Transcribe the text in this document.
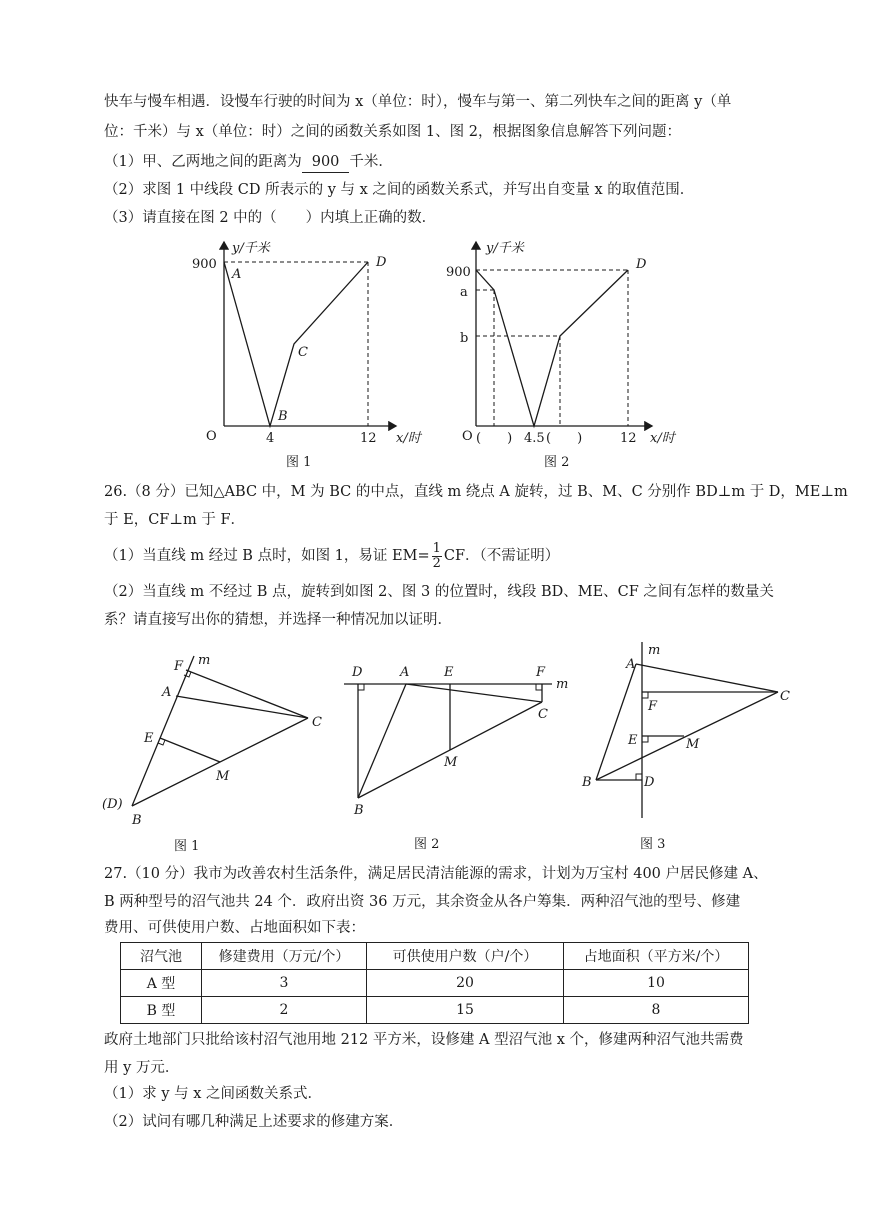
快车与慢车相遇．设慢车行驶的时间为 x（单位：时），慢车与第一、第二列快车之间的距离 y（单
位：千米）与 x（单位：时）之间的函数关系如图 1、图 2，根据图象信息解答下列问题：
（1）甲、乙两地之间的距离为 900 千米．
（2）求图 1 中线段 CD 所表示的 y 与 x 之间的函数关系式，并写出自变量 x 的取值范围．
（3）请直接在图 2 中的（　　）内填上正确的数．
y/千米
900
A
B
C
D
O	4	12 x/时
图 1
y/千米
900
a
b
D
O (　　) 4.5 (　　)	12 x/时
图 2
26.（8 分）已知△ABC 中，M 为 BC 的中点，直线 m 绕点 A 旋转，过 B、M、C 分别作 BD⊥m 于 D，ME⊥m
于 E，CF⊥m 于 F．
（1）当直线 m 经过 B 点时，如图 1，易证 $EM= \frac{1}{2}$ CF．（不需证明）
（2）当直线 m 不经过 B 点，旋转到如图 2、图 3 的位置时，线段 BD、ME、CF 之间有怎样的数量关
系？请直接写出你的猜想，并选择一种情况加以证明．
F m
A
C
E
M
(D)
B
图 1
D	A	E	F
m
C
M
B
图 2
A
m
C
F
E	M
B	D
图 3
27.（10 分）我市为改善农村生活条件，满足居民清洁能源的需求，计划为万宝村 400 户居民修建 A、
B 两种型号的沼气池共 24 个．政府出资 36 万元，其余资金从各户筹集．两种沼气池的型号、修建
费用、可供使用户数、占地面积如下表：
沼气池	修建费用（万元/个）	可供使用户数（户/个）	占地面积（平方米/个）
A 型	3	20	10
B 型	2	15	8
政府土地部门只批给该村沼气池用地 212 平方米，设修建 A 型沼气池 x 个，修建两种沼气池共需费
用 y 万元．
（1）求 y 与 x 之间函数关系式．
（2）试问有哪几种满足上述要求的修建方案．
